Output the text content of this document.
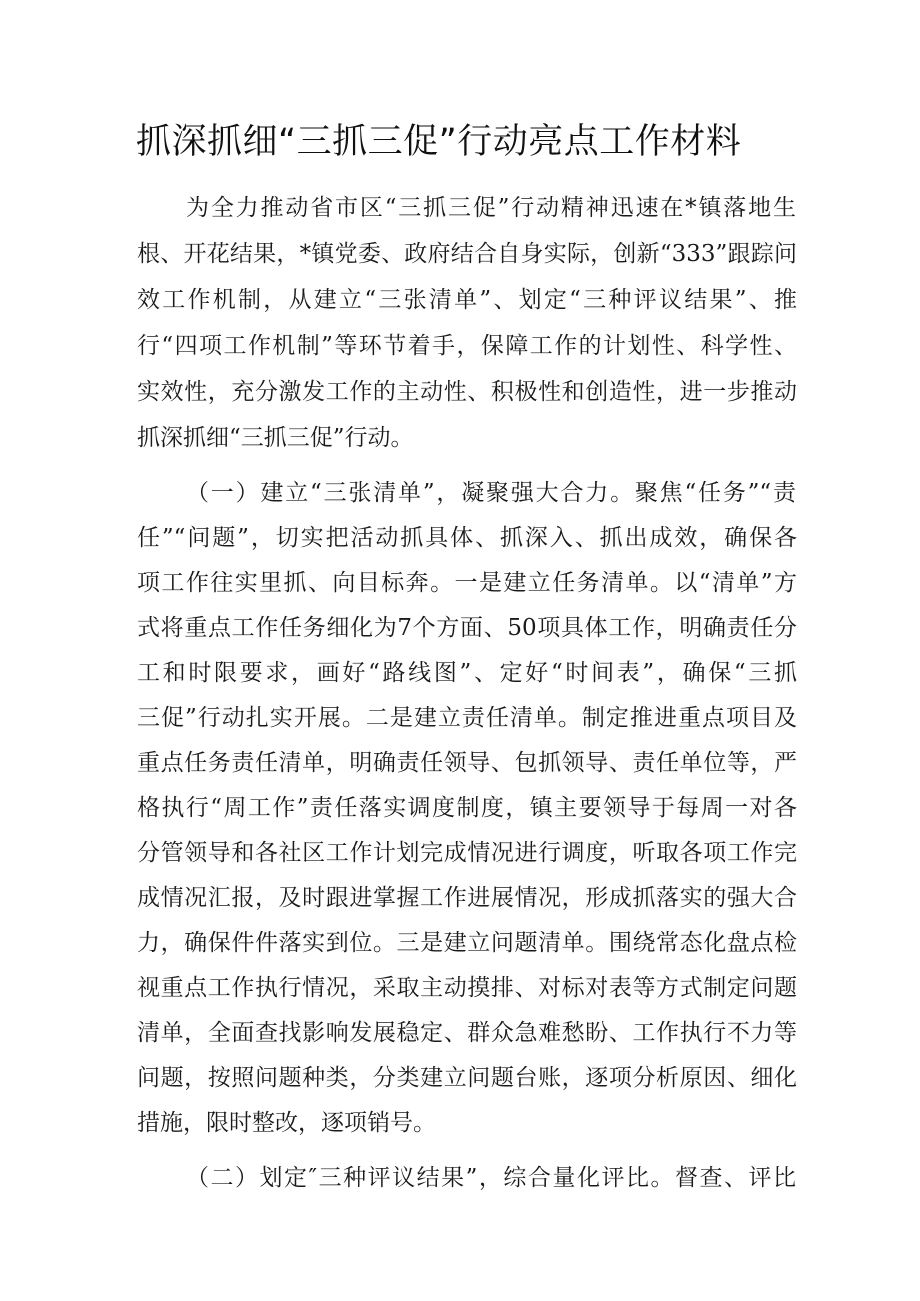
抓深抓细“三抓三促”行动亮点工作材料

为全力推动省市区“三抓三促”行动精神迅速在*镇落地生

根、开花结果，*镇党委、政府结合自身实际，创新“333”跟踪问

效工作机制，从建立“三张清单”、划定“三种评议结果”、推

行“四项工作机制”等环节着手，保障工作的计划性、科学性、

实效性，充分激发工作的主动性、积极性和创造性，进一步推动

抓深抓细“三抓三促”行动。

（一）建立“三张清单”，凝聚强大合力。聚焦“任务”“责

任”“问题”，切实把活动抓具体、抓深入、抓出成效，确保各

项工作往实里抓、向目标奔。一是建立任务清单。以“清单”方

式将重点工作任务细化为7个方面、50项具体工作，明确责任分

工和时限要求，画好“路线图”、定好“时间表”，确保“三抓

三促”行动扎实开展。二是建立责任清单。制定推进重点项目及

重点任务责任清单，明确责任领导、包抓领导、责任单位等，严

格执行“周工作”责任落实调度制度，镇主要领导于每周一对各

分管领导和各社区工作计划完成情况进行调度，听取各项工作完

成情况汇报，及时跟进掌握工作进展情况，形成抓落实的强大合

力，确保件件落实到位。三是建立问题清单。围绕常态化盘点检

视重点工作执行情况，采取主动摸排、对标对表等方式制定问题

清单，全面查找影响发展稳定、群众急难愁盼、工作执行不力等

问题，按照问题种类，分类建立问题台账，逐项分析原因、细化

措施，限时整改，逐项销号。

（二）划定″三种评议结果”，综合量化评比。督查、评比
